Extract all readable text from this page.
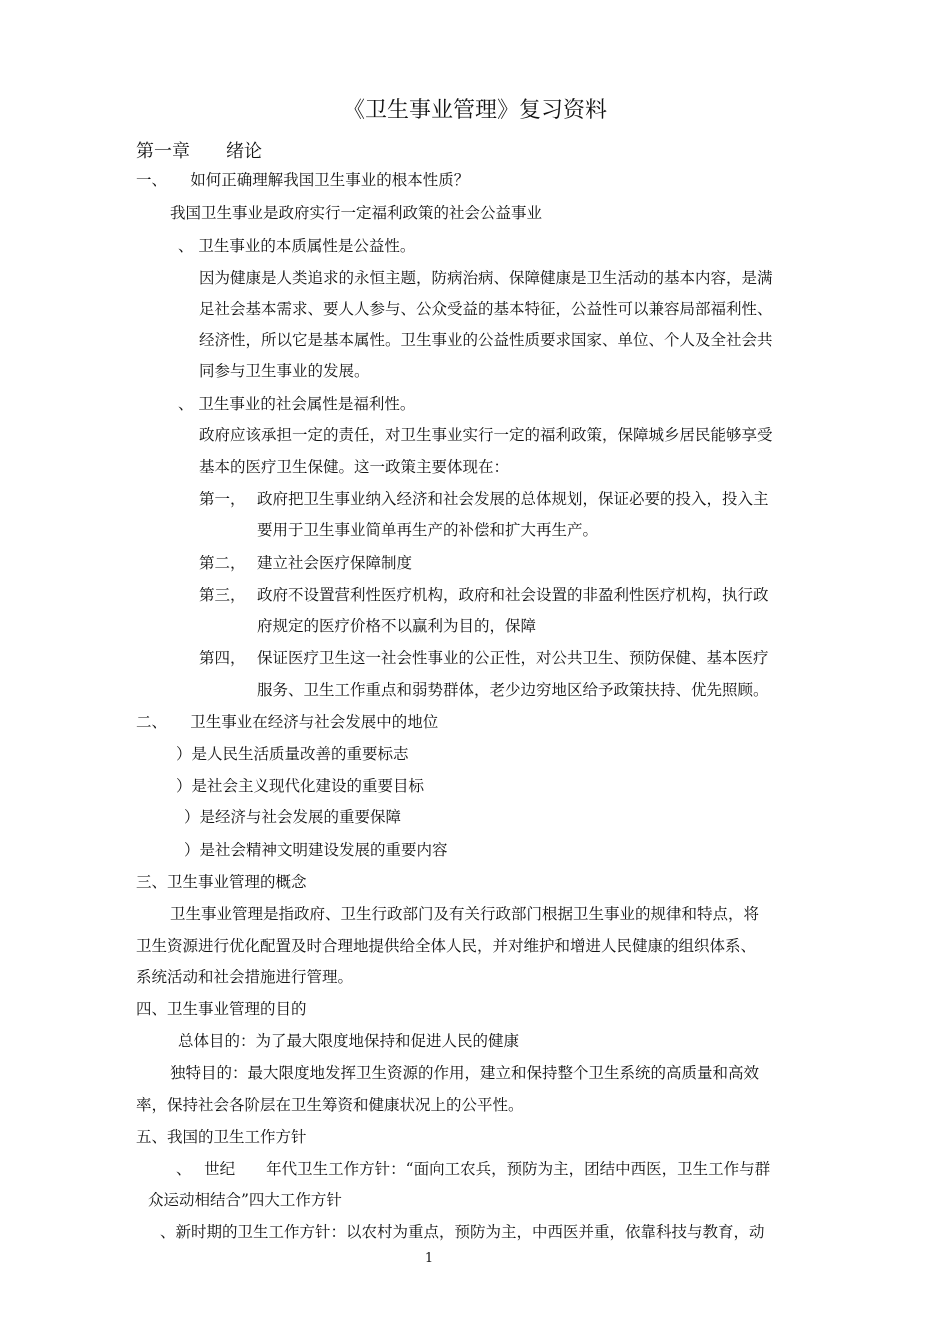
《卫生事业管理》复习资料
第一章　　绪论
一、　　如何正确理解我国卫生事业的根本性质？
我国卫生事业是政府实行一定福利政策的社会公益事业
、 卫生事业的本质属性是公益性。
因为健康是人类追求的永恒主题，防病治病、保障健康是卫生活动的基本内容，是满
足社会基本需求、要人人参与、公众受益的基本特征，公益性可以兼容局部福利性、
经济性，所以它是基本属性。卫生事业的公益性质要求国家、单位、个人及全社会共
同参与卫生事业的发展。
、 卫生事业的社会属性是福利性。
政府应该承担一定的责任，对卫生事业实行一定的福利政策，保障城乡居民能够享受
基本的医疗卫生保健。这一政策主要体现在：
第一， 政府把卫生事业纳入经济和社会发展的总体规划，保证必要的投入，投入主
要用于卫生事业简单再生产的补偿和扩大再生产。
第二， 建立社会医疗保障制度
第三， 政府不设置营利性医疗机构，政府和社会设置的非盈利性医疗机构，执行政
府规定的医疗价格不以赢利为目的，保障
第四， 保证医疗卫生这一社会性事业的公正性，对公共卫生、预防保健、基本医疗
服务、卫生工作重点和弱势群体，老少边穷地区给予政策扶持、优先照顾。
二、　　卫生事业在经济与社会发展中的地位
）是人民生活质量改善的重要标志
）是社会主义现代化建设的重要目标
）是经济与社会发展的重要保障
）是社会精神文明建设发展的重要内容
三、卫生事业管理的概念
卫生事业管理是指政府、卫生行政部门及有关行政部门根据卫生事业的规律和特点，将
卫生资源进行优化配置及时合理地提供给全体人民，并对维护和增进人民健康的组织体系、
系统活动和社会措施进行管理。
四、卫生事业管理的目的
总体目的：为了最大限度地保持和促进人民的健康
独特目的：最大限度地发挥卫生资源的作用，建立和保持整个卫生系统的高质量和高效
率，保持社会各阶层在卫生筹资和健康状况上的公平性。
五、我国的卫生工作方针
、　 世纪　　年代卫生工作方针：“面向工农兵，预防为主，团结中西医，卫生工作与群
众运动相结合”四大工作方针
、新时期的卫生工作方针：以农村为重点，预防为主，中西医并重，依靠科技与教育，动
1
